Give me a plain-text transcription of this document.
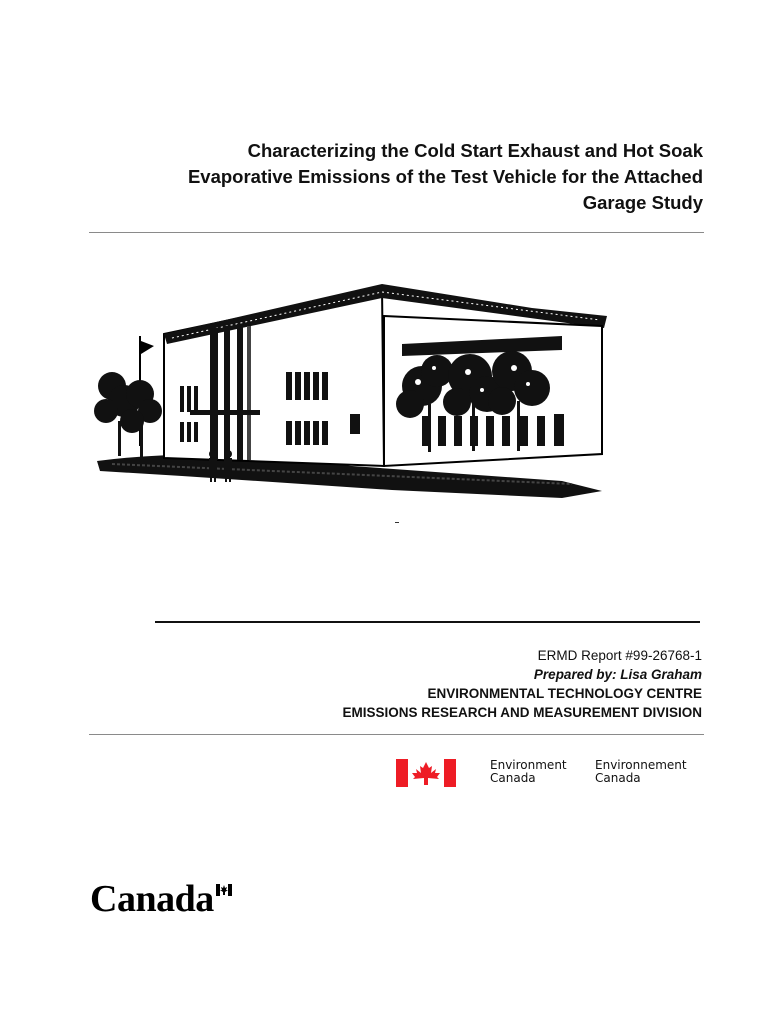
Characterizing the Cold Start Exhaust and Hot Soak
Evaporative Emissions of the Test Vehicle for the Attached
Garage Study
ERMD Report #99-26768-1
Prepared by: Lisa Graham
ENVIRONMENTAL TECHNOLOGY CENTRE
EMISSIONS RESEARCH AND MEASUREMENT DIVISION
Environment
Canada
Environnement
Canada
Canada
